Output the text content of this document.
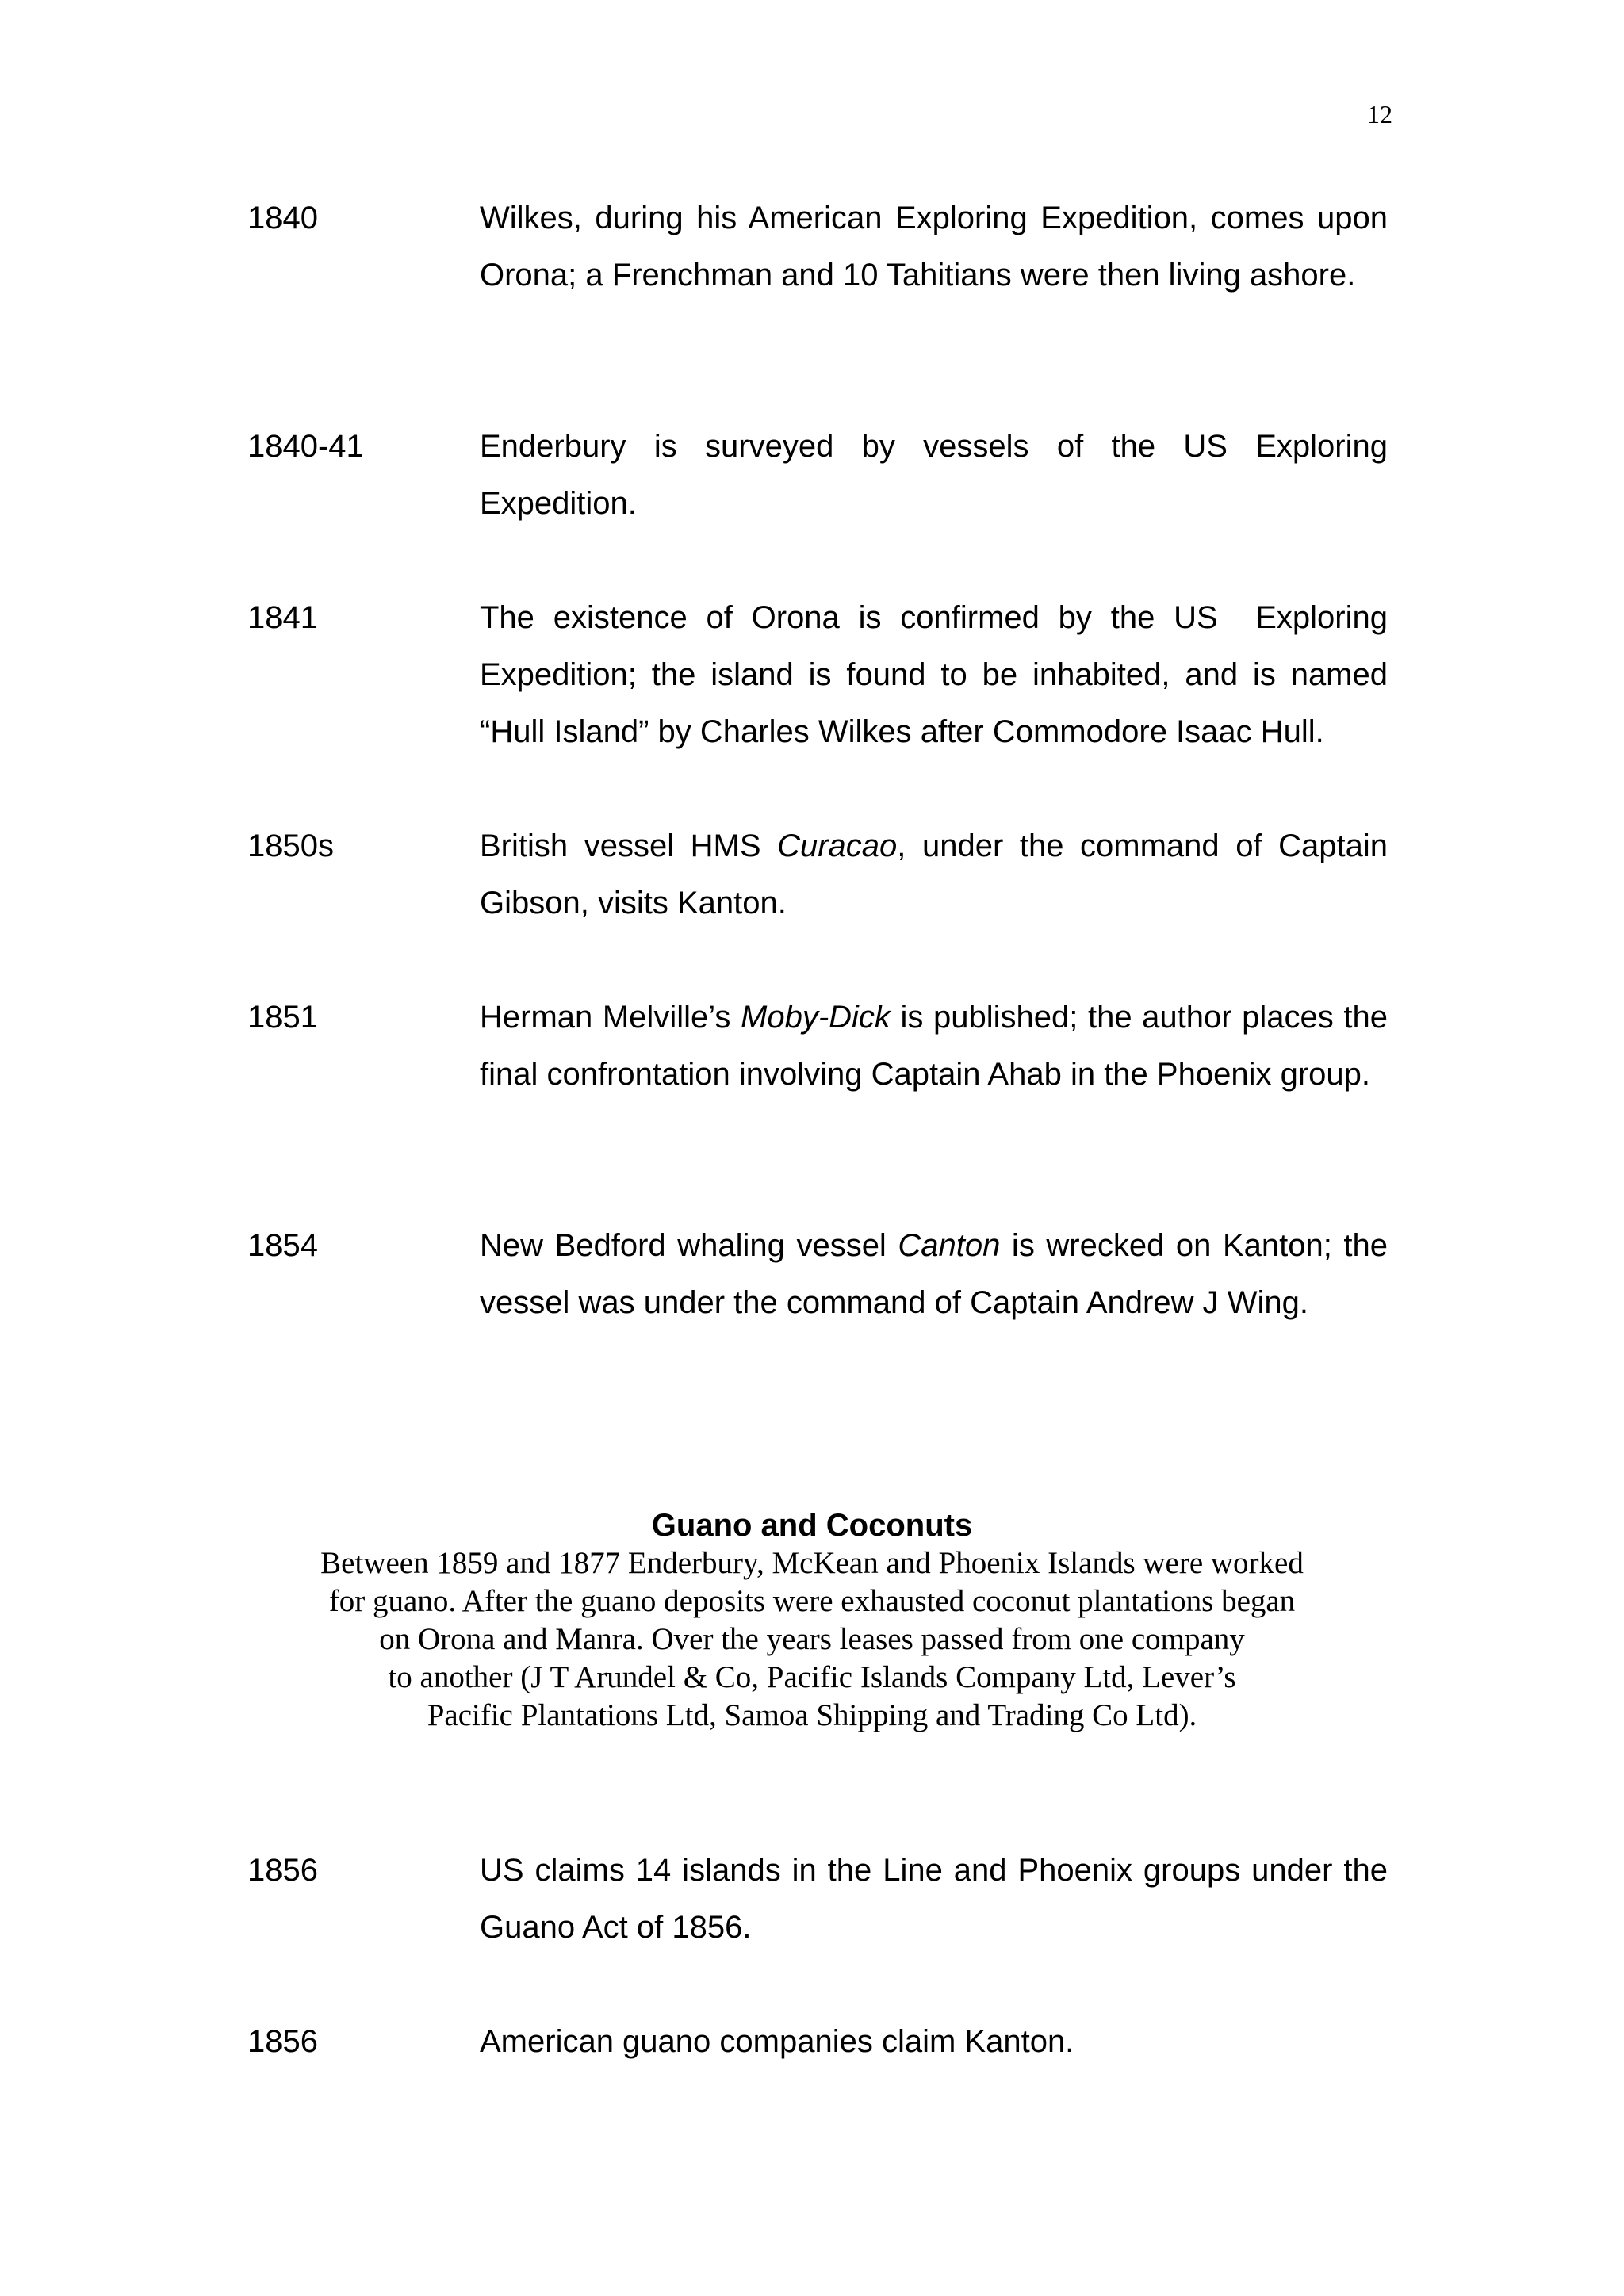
12
1840	Wilkes, during his American Exploring Expedition, comes upon Orona; a Frenchman and 10 Tahitians were then living ashore.
1840-41	Enderbury is surveyed by vessels of the US Exploring Expedition.
1841	The existence of Orona is confirmed by the US  Exploring Expedition; the island is found to be inhabited, and is named “Hull Island” by Charles Wilkes after Commodore Isaac Hull.
1850s	British vessel HMS Curacao, under the command of Captain Gibson, visits Kanton.
1851	Herman Melville’s Moby-Dick is published; the author places the final confrontation involving Captain Ahab in the Phoenix group.
1854	New Bedford whaling vessel Canton is wrecked on Kanton; the vessel was under the command of Captain Andrew J Wing.
Guano and Coconuts
Between 1859 and 1877 Enderbury, McKean and Phoenix Islands were worked
for guano. After the guano deposits were exhausted coconut plantations began
on Orona and Manra. Over the years leases passed from one company
to another (J T Arundel & Co, Pacific Islands Company Ltd, Lever’s
Pacific Plantations Ltd, Samoa Shipping and Trading Co Ltd).
1856	US claims 14 islands in the Line and Phoenix groups under the Guano Act of 1856.
1856	American guano companies claim Kanton.
